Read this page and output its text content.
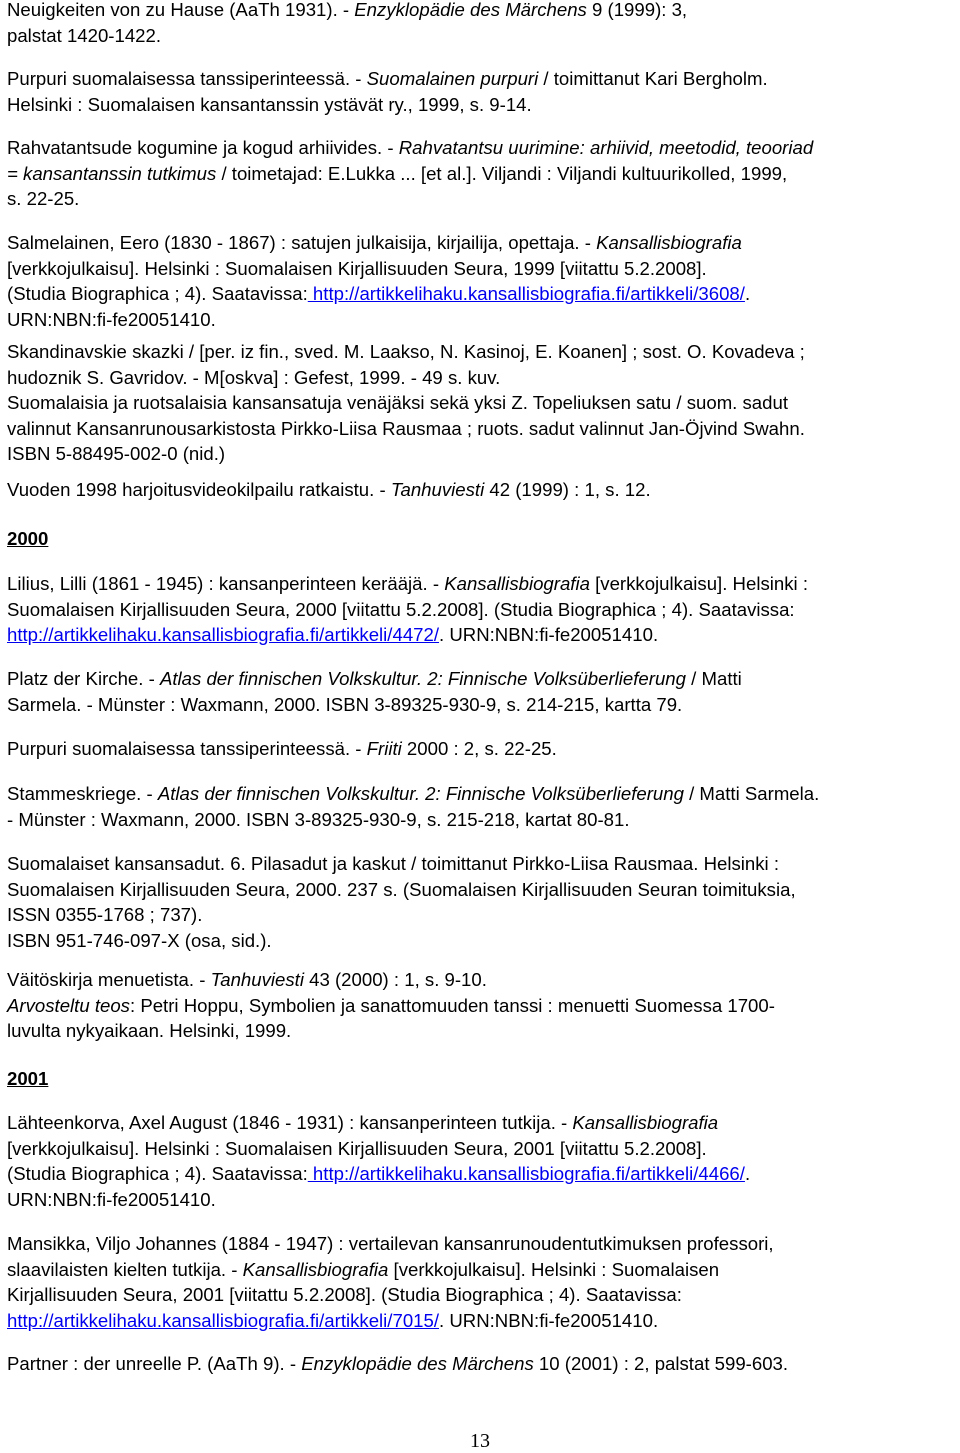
Neuigkeiten von zu Hause (AaTh 1931). - Enzyklopädie des Märchens 9 (1999): 3,
palstat 1420-1422.
Purpuri suomalaisessa tanssiperinteessä. - Suomalainen purpuri / toimittanut Kari Bergholm.
Helsinki : Suomalaisen kansantanssin ystävät ry., 1999, s. 9-14.
Rahvatantsude kogumine ja kogud arhiivides. - Rahvatantsu uurimine: arhiivid, meetodid, teooriad
= kansantanssin tutkimus / toimetajad: E.Lukka ... [et al.]. Viljandi : Viljandi kultuurikolled, 1999,
s. 22-25.
Salmelainen, Eero (1830 - 1867) : satujen julkaisija, kirjailija, opettaja. - Kansallisbiografia
[verkkojulkaisu]. Helsinki : Suomalaisen Kirjallisuuden Seura, 1999 [viitattu 5.2.2008].
(Studia Biographica ; 4). Saatavissa: http://artikkelihaku.kansallisbiografia.fi/artikkeli/3608/.
URN:NBN:fi-fe20051410.
Skandinavskie skazki / [per. iz fin., sved. M. Laakso, N. Kasinoj, E. Koanen] ; sost. O. Kovadeva ;
hudoznik S. Gavridov. - M[oskva] : Gefest, 1999. - 49 s. kuv.
Suomalaisia ja ruotsalaisia kansansatuja venäjäksi sekä yksi Z. Topeliuksen satu / suom. sadut
valinnut Kansanrunousarkistosta Pirkko-Liisa Rausmaa ; ruots. sadut valinnut Jan-Öjvind Swahn.
ISBN 5-88495-002-0 (nid.)
Vuoden 1998 harjoitusvideokilpailu ratkaistu. - Tanhuviesti 42 (1999) : 1, s. 12.
2000
Lilius, Lilli (1861 - 1945) : kansanperinteen kerääjä. - Kansallisbiografia [verkkojulkaisu]. Helsinki :
Suomalaisen Kirjallisuuden Seura, 2000 [viitattu 5.2.2008]. (Studia Biographica ; 4). Saatavissa:
http://artikkelihaku.kansallisbiografia.fi/artikkeli/4472/. URN:NBN:fi-fe20051410.
Platz der Kirche. - Atlas der finnischen Volkskultur. 2: Finnische Volksüberlieferung / Matti
Sarmela. - Münster : Waxmann, 2000. ISBN 3-89325-930-9, s. 214-215, kartta 79.
Purpuri suomalaisessa tanssiperinteessä. - Friiti 2000 : 2, s. 22-25.
Stammeskriege. - Atlas der finnischen Volkskultur. 2: Finnische Volksüberlieferung / Matti Sarmela.
- Münster : Waxmann, 2000. ISBN 3-89325-930-9, s. 215-218, kartat 80-81.
Suomalaiset kansansadut. 6. Pilasadut ja kaskut / toimittanut Pirkko-Liisa Rausmaa. Helsinki :
Suomalaisen Kirjallisuuden Seura, 2000. 237 s. (Suomalaisen Kirjallisuuden Seuran toimituksia,
ISSN 0355-1768 ; 737).
ISBN 951-746-097-X (osa, sid.).
Väitöskirja menuetista. - Tanhuviesti 43 (2000) : 1, s. 9-10.
Arvosteltu teos: Petri Hoppu, Symbolien ja sanattomuuden tanssi : menuetti Suomessa 1700-
luvulta nykyaikaan. Helsinki, 1999.
2001
Lähteenkorva, Axel August (1846 - 1931) : kansanperinteen tutkija. - Kansallisbiografia
[verkkojulkaisu]. Helsinki : Suomalaisen Kirjallisuuden Seura, 2001 [viitattu 5.2.2008].
(Studia Biographica ; 4). Saatavissa: http://artikkelihaku.kansallisbiografia.fi/artikkeli/4466/.
URN:NBN:fi-fe20051410.
Mansikka, Viljo Johannes (1884 - 1947) : vertailevan kansanrunoudentutkimuksen professori,
slaavilaisten kielten tutkija. - Kansallisbiografia [verkkojulkaisu]. Helsinki : Suomalaisen
Kirjallisuuden Seura, 2001 [viitattu 5.2.2008]. (Studia Biographica ; 4). Saatavissa:
http://artikkelihaku.kansallisbiografia.fi/artikkeli/7015/. URN:NBN:fi-fe20051410.
Partner : der unreelle P. (AaTh 9). - Enzyklopädie des Märchens 10 (2001) : 2, palstat 599-603.
13
